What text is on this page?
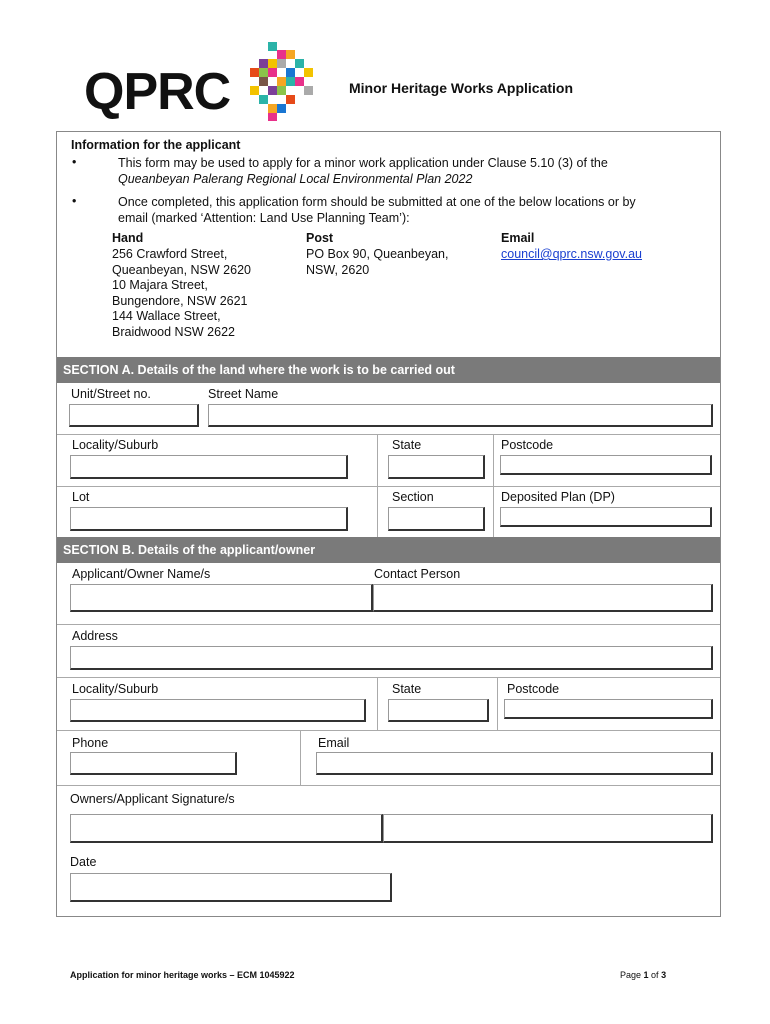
QPRC	Minor Heritage Works Application
Information for the applicant
•	This form may be used to apply for a minor work application under Clause 5.10 (3) of the
Queanbeyan Palerang Regional Local Environmental Plan 2022
•	Once completed, this application form should be submitted at one of the below locations or by
email (marked ‘Attention: Land Use Planning Team’):
Hand
256 Crawford Street,
Queanbeyan, NSW 2620
10 Majara Street,
Bungendore, NSW 2621
144 Wallace Street,
Braidwood NSW 2622
Post
PO Box 90, Queanbeyan,
NSW, 2620
Email
council@qprc.nsw.gov.au
SECTION A. Details of the land where the work is to be carried out
Unit/Street no.	Street Name
Locality/Suburb	State	Postcode
Lot	Section	Deposited Plan (DP)
SECTION B. Details of the applicant/owner
Applicant/Owner Name/s	Contact Person
Address
Locality/Suburb	State	Postcode
Phone	Email
Owners/Applicant Signature/s
Date
Application for minor heritage works – ECM 1045922	Page 1 of 3
